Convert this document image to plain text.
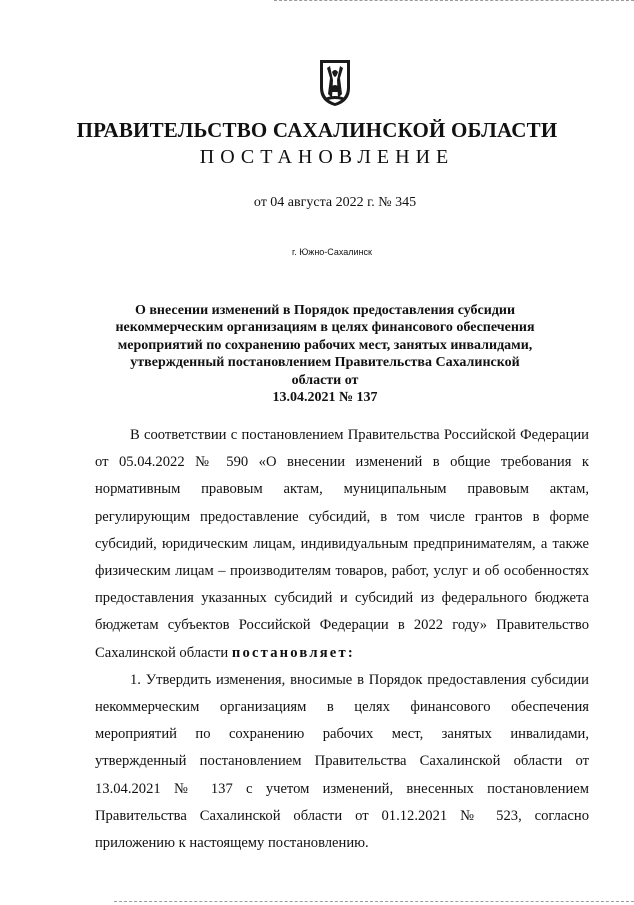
ПРАВИТЕЛЬСТВО САХАЛИНСКОЙ ОБЛАСТИ
ПОСТАНОВЛЕНИЕ
от 04 августа 2022 г. № 345
г. Южно-Сахалинск
О внесении изменений в Порядок предоставления субсидии
некоммерческим организациям в целях финансового обеспечения
мероприятий по сохранению рабочих мест, занятых инвалидами,
утвержденный постановлением Правительства Сахалинской области от
13.04.2021 № 137

В соответствии с постановлением Правительства Российской Федерации от 05.04.2022 № 590 «О внесении изменений в общие требования к нормативным правовым актам, муниципальным правовым актам, регулирующим предоставление субсидий, в том числе грантов в форме субсидий, юридическим лицам, индивидуальным предпринимателям, а также физическим лицам – производителям товаров, работ, услуг и об особенностях предоставления указанных субсидий и субсидий из федерального бюджета бюджетам субъектов Российской Федерации в 2022 году» Правительство Сахалинской области постановляет:

1. Утвердить изменения, вносимые в Порядок предоставления субсидии некоммерческим организациям в целях финансового обеспечения мероприятий по сохранению рабочих мест, занятых инвалидами, утвержденный постановлением Правительства Сахалинской области от 13.04.2021 № 137 с учетом изменений, внесенных постановлением Правительства Сахалинской области от 01.12.2021 № 523, согласно приложению к настоящему постановлению.
